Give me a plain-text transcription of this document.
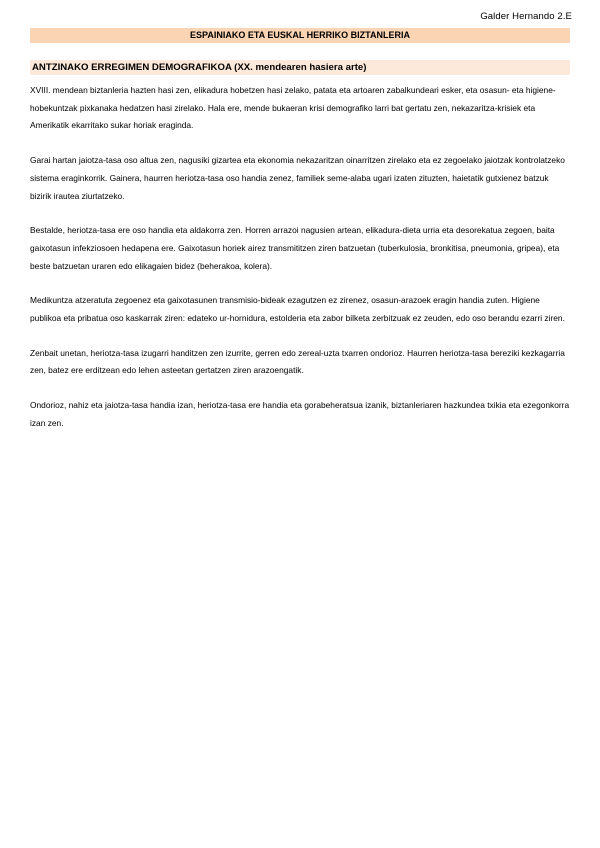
Galder Hernando 2.E
ESPAINIAKO ETA EUSKAL HERRIKO BIZTANLERIA
ANTZINAKO ERREGIMEN DEMOGRAFIKOA (XX. mendearen hasiera arte)

XVIII. mendean biztanleria hazten hasi zen, elikadura hobetzen hasi zelako, patata eta artoaren zabalkundeari esker, eta osasun- eta higiene-hobekuntzak pixkanaka hedatzen hasi zirelako. Hala ere, mende bukaeran krisi demografiko larri bat gertatu zen, nekazaritza-krisiek eta Amerikatik ekarritako sukar horiak eraginda.

Garai hartan jaiotza-tasa oso altua zen, nagusiki gizartea eta ekonomia nekazaritzan oinarritzen zirelako eta ez zegoelako jaiotzak kontrolatzeko sistema eraginkorrik. Gainera, haurren heriotza-tasa oso handia zenez, familiek seme-alaba ugari izaten zituzten, haietatik gutxienez batzuk bizirik irautea ziurtatzeko.

Bestalde, heriotza-tasa ere oso handia eta aldakorra zen. Horren arrazoi nagusien artean, elikadura-dieta urria eta desorekatua zegoen, baita gaixotasun infekziosoen hedapena ere. Gaixotasun horiek airez transmititzen ziren batzuetan (tuberkulosia, bronkitisa, pneumonia, gripea), eta beste batzuetan uraren edo elikagaien bidez (beherakoa, kolera).

Medikuntza atzeratuta zegoenez eta gaixotasunen transmisio-bideak ezagutzen ez zirenez, osasun-arazoek eragin handia zuten. Higiene publikoa eta pribatua oso kaskarrak ziren: edateko ur-hornidura, estolderia eta zabor bilketa zerbitzuak ez zeuden, edo oso berandu ezarri ziren.

Zenbait unetan, heriotza-tasa izugarri handitzen zen izurrite, gerren edo zereal-uzta txarren ondorioz. Haurren heriotza-tasa bereziki kezkagarria zen, batez ere erditzean edo lehen asteetan gertatzen ziren arazoengatik.

Ondorioz, nahiz eta jaiotza-tasa handia izan, heriotza-tasa ere handia eta gorabeheratsua izanik, biztanleriaren hazkundea txikia eta ezegonkorra izan zen.
